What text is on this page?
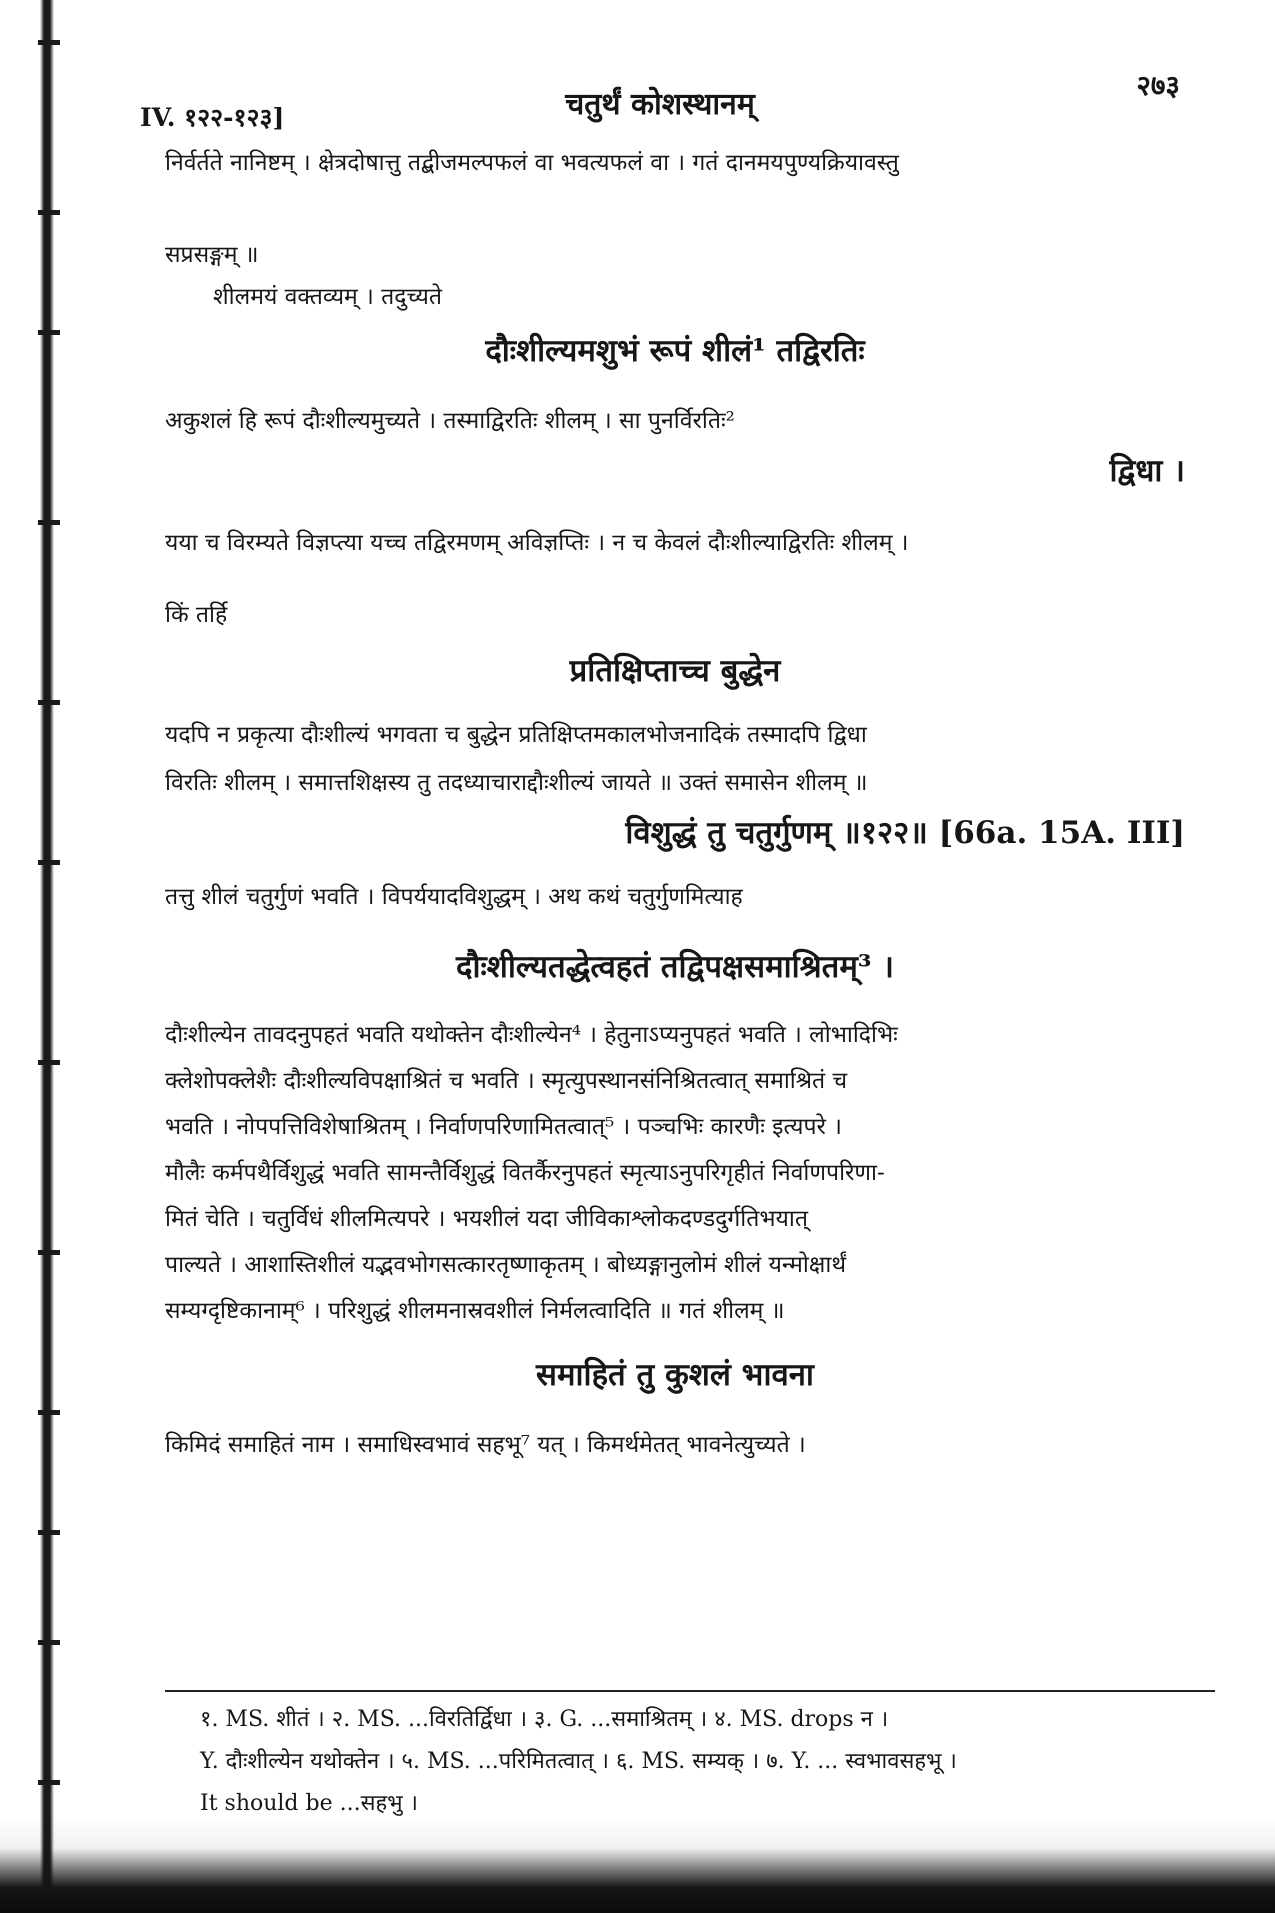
IV. १२२-१२३]	चतुर्थं कोशस्थानम्
२७३
निर्वर्तते नानिष्टम् । क्षेत्रदोषात्तु तद्बीजमल्पफलं वा भवत्यफलं वा । गतं दानमयपुण्यक्रियावस्तु
सप्रसङ्गम् ॥
शीलमयं वक्तव्यम् । तदुच्यते
दौःशील्यमशुभं रूपं शीलं¹ तद्विरतिः
अकुशलं हि रूपं दौःशील्यमुच्यते । तस्माद्विरतिः शीलम् । सा पुनर्विरतिः²
द्विधा ।
यया च विरम्यते विज्ञप्त्या यच्च तद्विरमणम् अविज्ञप्तिः । न च केवलं दौःशील्याद्विरतिः शीलम् ।
किं तर्हि
प्रतिक्षिप्ताच्च बुद्धेन
यदपि न प्रकृत्या दौःशील्यं भगवता च बुद्धेन प्रतिक्षिप्तमकालभोजनादिकं तस्मादपि द्विधा
विरतिः शीलम् । समात्तशिक्षस्य तु तदध्याचाराद्दौःशील्यं जायते ॥ उक्तं समासेन शीलम् ॥
विशुद्धं तु चतुर्गुणम् ॥१२२॥ [66a. 15A. III]
तत्तु शीलं चतुर्गुणं भवति । विपर्ययादविशुद्धम् । अथ कथं चतुर्गुणमित्याह
दौःशील्यतद्धेत्वहतं तद्विपक्षसमाश्रितम्³ ।
दौःशील्येन तावदनुपहतं भवति यथोक्तेन दौःशील्येन⁴ । हेतुनाऽप्यनुपहतं भवति । लोभादिभिः
क्लेशोपक्लेशैः दौःशील्यविपक्षाश्रितं च भवति । स्मृत्युपस्थानसंनिश्रितत्वात् समाश्रितं च
भवति । नोपपत्तिविशेषाश्रितम् । निर्वाणपरिणामितत्वात्⁵ । पञ्चभिः कारणैः इत्यपरे ।
मौलैः कर्मपथैर्विशुद्धं भवति सामन्तैर्विशुद्धं वितर्कैरनुपहतं स्मृत्याऽनुपरिगृहीतं निर्वाणपरिणा-
मितं चेति । चतुर्विधं शीलमित्यपरे । भयशीलं यदा जीविकाश्लोकदण्डदुर्गतिभयात्
पाल्यते । आशास्तिशीलं यद्भवभोगसत्कारतृष्णाकृतम् । बोध्यङ्गानुलोमं शीलं यन्मोक्षार्थं
सम्यग्दृष्टिकानाम्⁶ । परिशुद्धं शीलमनास्रवशीलं निर्मलत्वादिति ॥ गतं शीलम् ॥
समाहितं तु कुशलं भावना
किमिदं समाहितं नाम । समाधिस्वभावं सहभू⁷ यत् । किमर्थमेतत् भावनेत्युच्यते ।
१. MS. शीतं । २. MS. ...विरतिर्द्विधा । ३. G. ...समाश्रितम् । ४. MS. drops न ।
Y. दौःशील्येन यथोक्तेन । ५. MS. ...परिमितत्वात् । ६. MS. सम्यक् । ७. Y. ... स्वभावसहभू ।
It should be ...सहभु ।
